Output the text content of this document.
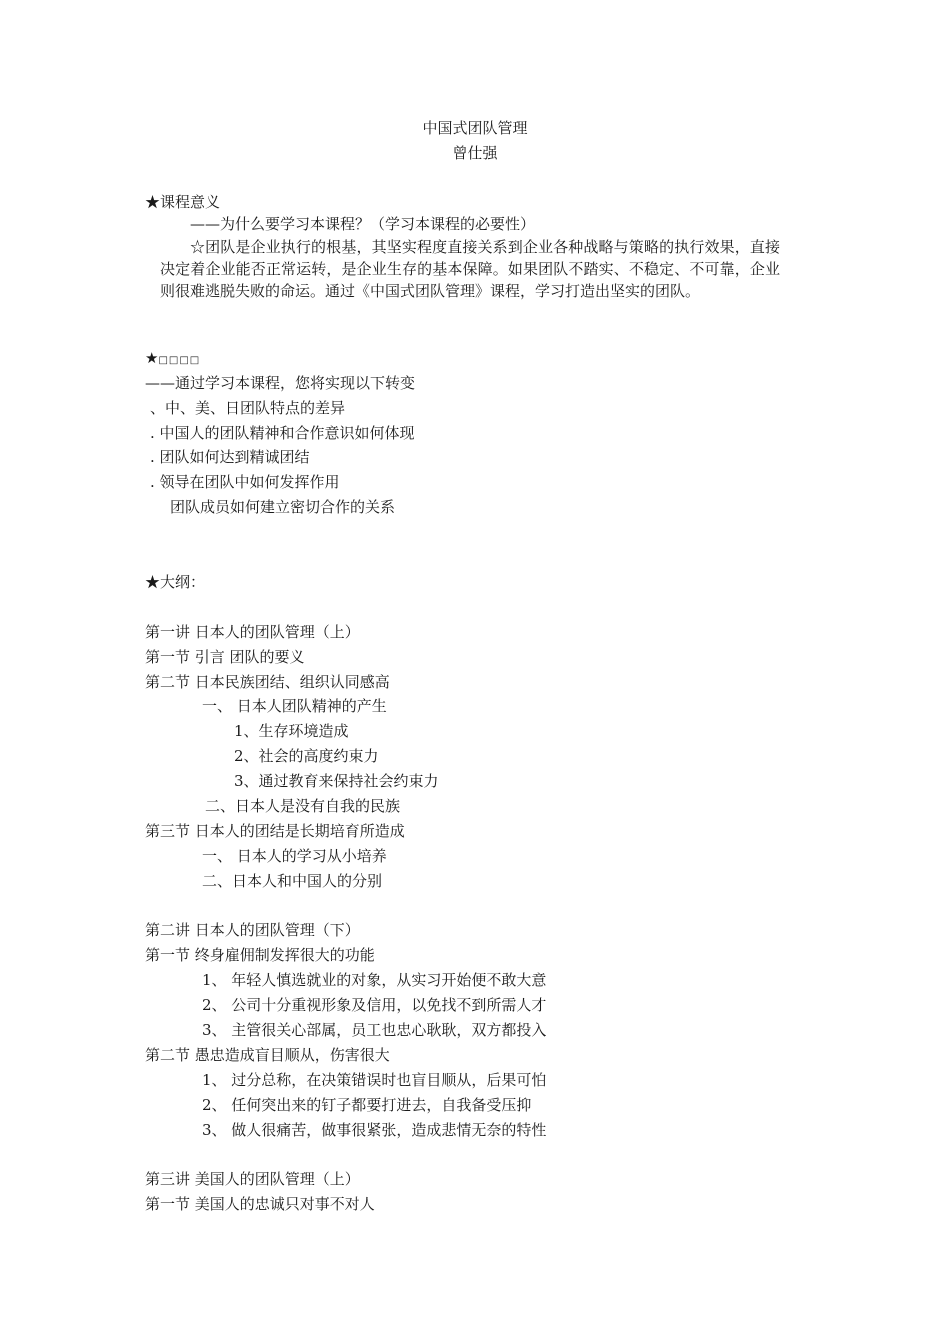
中国式团队管理
曾仕强
★课程意义
——为什么要学习本课程？（学习本课程的必要性）
☆团队是企业执行的根基，其坚实程度直接关系到企业各种战略与策略的执行效果，直接决定着企业能否正常运转，是企业生存的基本保障。如果团队不踏实、不稳定、不可靠，企业则很难逃脱失败的命运。通过《中国式团队管理》课程，学习打造出坚实的团队。
★□□□□
——通过学习本课程，您将实现以下转变
、中、美、日团队特点的差异
. 中国人的团队精神和合作意识如何体现
. 团队如何达到精诚团结
. 领导在团队中如何发挥作用
团队成员如何建立密切合作的关系
★大纲：
第一讲 日本人的团队管理（上）
第一节 引言 团队的要义
第二节 日本民族团结、组织认同感高
一、 日本人团队精神的产生
1、生存环境造成
2、社会的高度约束力
3、通过教育来保持社会约束力
二、日本人是没有自我的民族
第三节 日本人的团结是长期培育所造成
一、 日本人的学习从小培养
二、日本人和中国人的分别
第二讲 日本人的团队管理（下）
第一节 终身雇佣制发挥很大的功能
1、 年轻人慎选就业的对象，从实习开始便不敢大意
2、 公司十分重视形象及信用，以免找不到所需人才
3、 主管很关心部属，员工也忠心耿耿，双方都投入
第二节 愚忠造成盲目顺从，伤害很大
1、 过分总称，在决策错误时也盲目顺从，后果可怕
2、 任何突出来的钉子都要打进去，自我备受压抑
3、 做人很痛苦，做事很紧张，造成悲情无奈的特性
第三讲 美国人的团队管理（上）
第一节 美国人的忠诚只对事不对人
